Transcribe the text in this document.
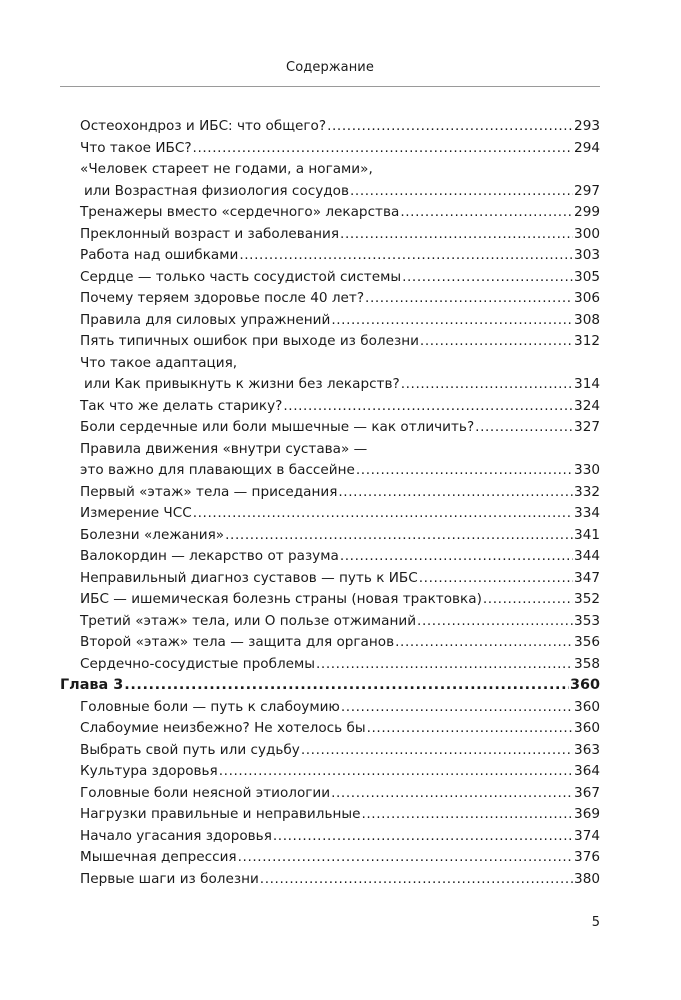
Содержание
Остеохондроз и ИБС: что общего? .....	293
Что такое ИБС? .....	294
«Человек стареет не годами, а ногами»,
или Возрастная физиология сосудов .....	297
Тренажеры вместо «сердечного» лекарства .....	299
Преклонный возраст и заболевания .....	300
Работа над ошибками .....	303
Сердце — только часть сосудистой системы .....	305
Почему теряем здоровье после 40 лет? .....	306
Правила для силовых упражнений .....	308
Пять типичных ошибок при выходе из болезни .....	312
Что такое адаптация,
или Как привыкнуть к жизни без лекарств? .....	314
Так что же делать старику? .....	324
Боли сердечные или боли мышечные — как отличить? .....	327
Правила движения «внутри сустава» —
это важно для плавающих в бассейне .....	330
Первый «этаж» тела — приседания .....	332
Измерение ЧСС .....	334
Болезни «лежания» .....	341
Валокордин — лекарство от разума .....	344
Неправильный диагноз суставов — путь к ИБС .....	347
ИБС — ишемическая болезнь страны (новая трактовка) .....	352
Третий «этаж» тела, или О пользе отжиманий .....	353
Второй «этаж» тела — защита для органов .....	356
Сердечно-сосудистые проблемы .....	358
Глава 3 .....	360
Головные боли — путь к слабоумию .....	360
Слабоумие неизбежно? Не хотелось бы .....	360
Выбрать свой путь или судьбу .....	363
Культура здоровья .....	364
Головные боли неясной этиологии .....	367
Нагрузки правильные и неправильные .....	369
Начало угасания здоровья .....	374
Мышечная депрессия .....	376
Первые шаги из болезни .....	380
5
